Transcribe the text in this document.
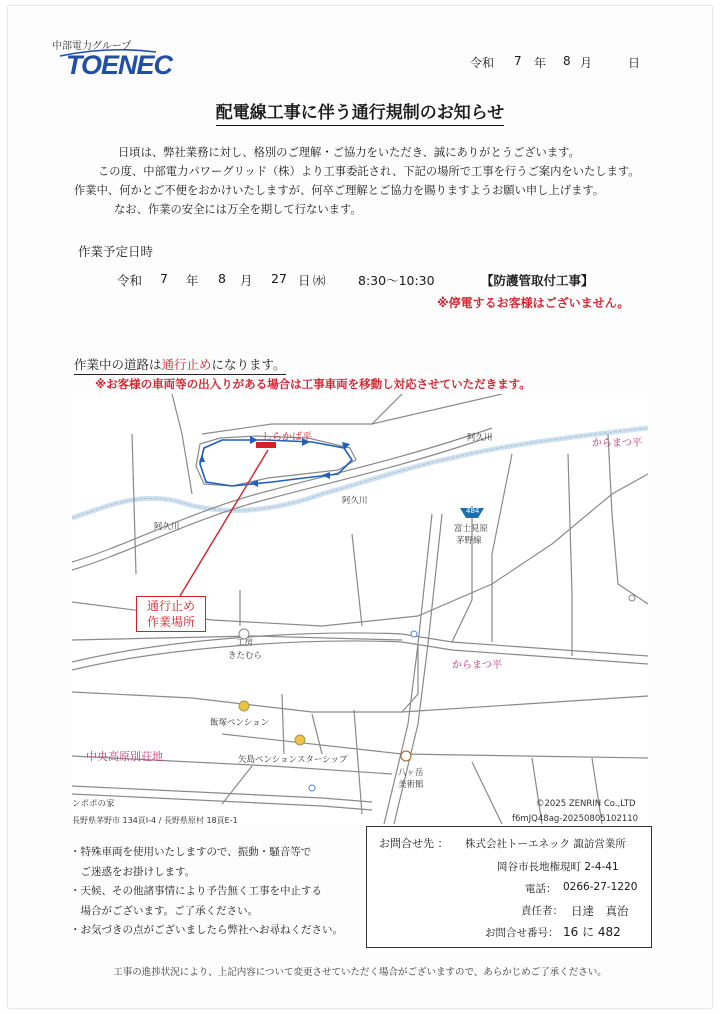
中部電力グループ
TOENEC	令和 7 年 8 月	日
配電線工事に伴う通行規制のお知らせ
日頃は、弊社業務に対し、格別のご理解・ご協力をいただき、誠にありがとうございます。
この度、中部電力パワーグリッド（株）より工事委託され、下記の場所で工事を行うご案内をいたします。
作業中、何かとご不便をおかけいたしますが、何卒ご理解とご協力を賜りますようお願い申し上げます。
なお、作業の安全には万全を期して行ないます。
作業予定日時
令和 7 年 8 月 27 日 ㈬	8:30～10:30	【防護管取付工事】
※停電するお客様はございません。
作業中の道路は通行止めになります。
※お客様の車両等の出入りがある場合は工事車両を移動し対応させていただきます。
阿久川
阿久川
阿久川
からまつ平
からまつ平
484
富士見原
茅野線
工房
きたむら
飯塚ペンション
矢島ペンションスターシップ
中央高原別荘地
八ヶ岳
美術館
ンポポの家
しらかば平
通行止め
作業場所
©2025 ZENRIN Co.,LTD
f6mJQ48ag-20250805102110
長野県茅野市 134頁I-4 / 長野県原村 18頁E-1
・特殊車両を使用いたしますので、振動・騒音等で
　ご迷惑をお掛けします。
・天候、その他諸事情により予告無く工事を中止する
　場合がございます。ご了承ください。
・お気づきの点がございましたら弊社へお尋ねください。
お問合せ先 ： 株式会社トーエネック 諏訪営業所
岡谷市長地権現町 2-4-41
電話： 0266-27-1220
責任者： 日達　真治
お問合せ番号： 16 に 482
工事の進捗状況により、上記内容について変更させていただく場合がございますので、あらかじめご了承ください。
